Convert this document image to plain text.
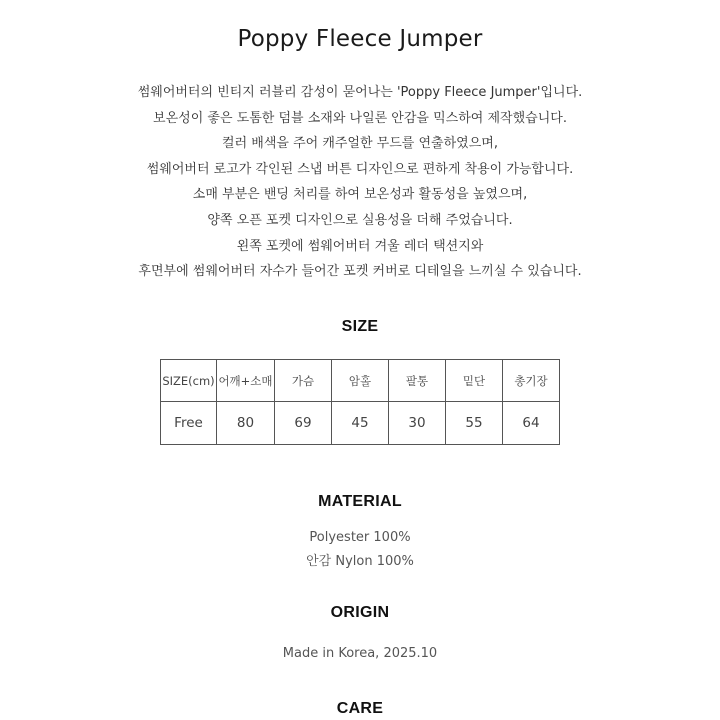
Poppy Fleece Jumper
썸웨어버터의 빈티지 러블리 감성이 묻어나는 'Poppy Fleece Jumper'입니다.
보온성이 좋은 도톰한 덤블 소재와 나일론 안감을 믹스하여 제작했습니다.
컬러 배색을 주어 캐주얼한 무드를 연출하였으며,
썸웨어버터 로고가 각인된 스냅 버튼 디자인으로 편하게 착용이 가능합니다.
소매 부분은 밴딩 처리를 하여 보온성과 활동성을 높였으며,
양쪽 오픈 포켓 디자인으로 실용성을 더해 주었습니다.
왼쪽 포켓에 썸웨어버터 겨울 레더 택션지와
후면부에 썸웨어버터 자수가 들어간 포켓 커버로 디테일을 느끼실 수 있습니다.
SIZE
SIZE(cm)	어깨+소매	가슴	암홀	팔통	밑단	총기장
Free	80	69	45	30	55	64
MATERIAL
Polyester 100%
안감 Nylon 100%
ORIGIN
Made in Korea, 2025.10
CARE
